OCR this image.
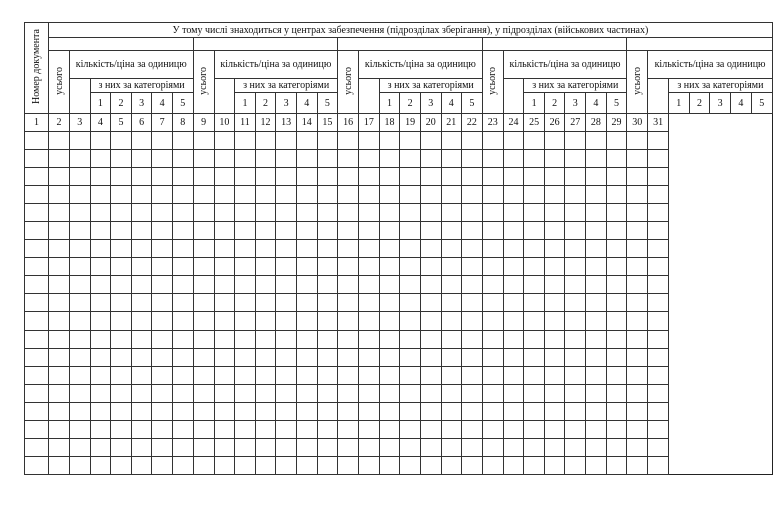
Номер документа	У тому числі знаходиться у центрах забезпечення (підрозділах зберігання), у підрозділах (військових частинах)																																		

	усього	кількість/ціна за одиницю						усього	кількість/ціна за одиницю						усього	кількість/ціна за одиницю						усього	кількість/ціна за одиницю						усього	кількість/ціна за одиницю					
			з них за категоріями							з них за категоріями							з них за категоріями							з них за категоріями							з них за категоріями				
			1	2	3	4	5			1	2	3	4	5			1	2	3	4	5			1	2	3	4	5			1	2	3	4	5
1	2	3	4	5	6	7	8	9	10	11	12	13	14	15	16	17	18	19	20	21	22	23	24	25	26	27	28	29	30	31					
